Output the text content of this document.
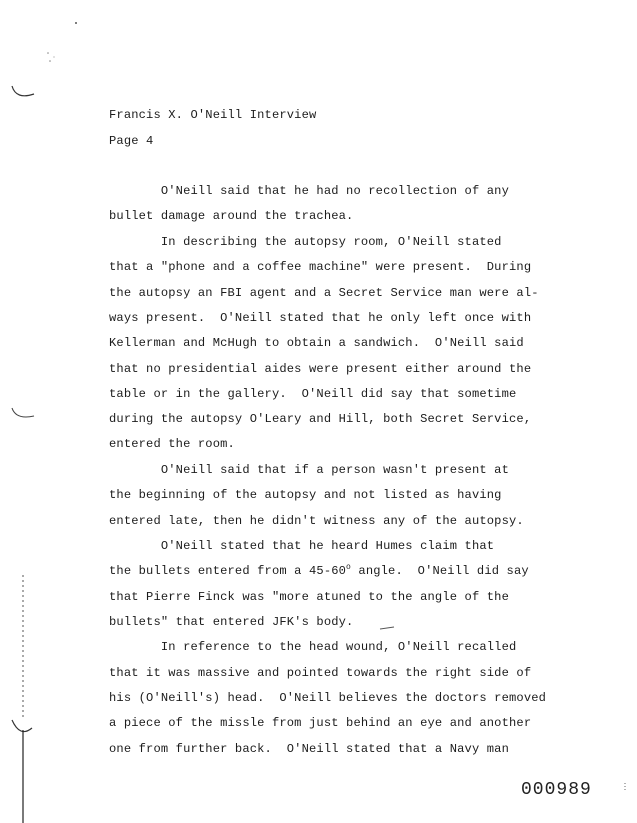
Francis X. O'Neill Interview
Page 4
O'Neill said that he had no recollection of any
bullet damage around the trachea.
In describing the autopsy room, O'Neill stated
that a "phone and a coffee machine" were present.  During
the autopsy an FBI agent and a Secret Service man were al-
ways present.  O'Neill stated that he only left once with
Kellerman and McHugh to obtain a sandwich.  O'Neill said
that no presidential aides were present either around the
table or in the gallery.  O'Neill did say that sometime
during the autopsy O'Leary and Hill, both Secret Service,
entered the room.
O'Neill said that if a person wasn't present at
the beginning of the autopsy and not listed as having
entered late, then he didn't witness any of the autopsy.
O'Neill stated that he heard Humes claim that
the bullets entered from a 45-60$^o$ angle.  O'Neill did say
that Pierre Finck was "more atuned to the angle of the
bullets" that entered JFK's body.
In reference to the head wound, O'Neill recalled
that it was massive and pointed towards the right side of
his (O'Neill's) head.  O'Neill believes the doctors removed
a piece of the missle from just behind an eye and another
one from further back.  O'Neill stated that a Navy man
000989
